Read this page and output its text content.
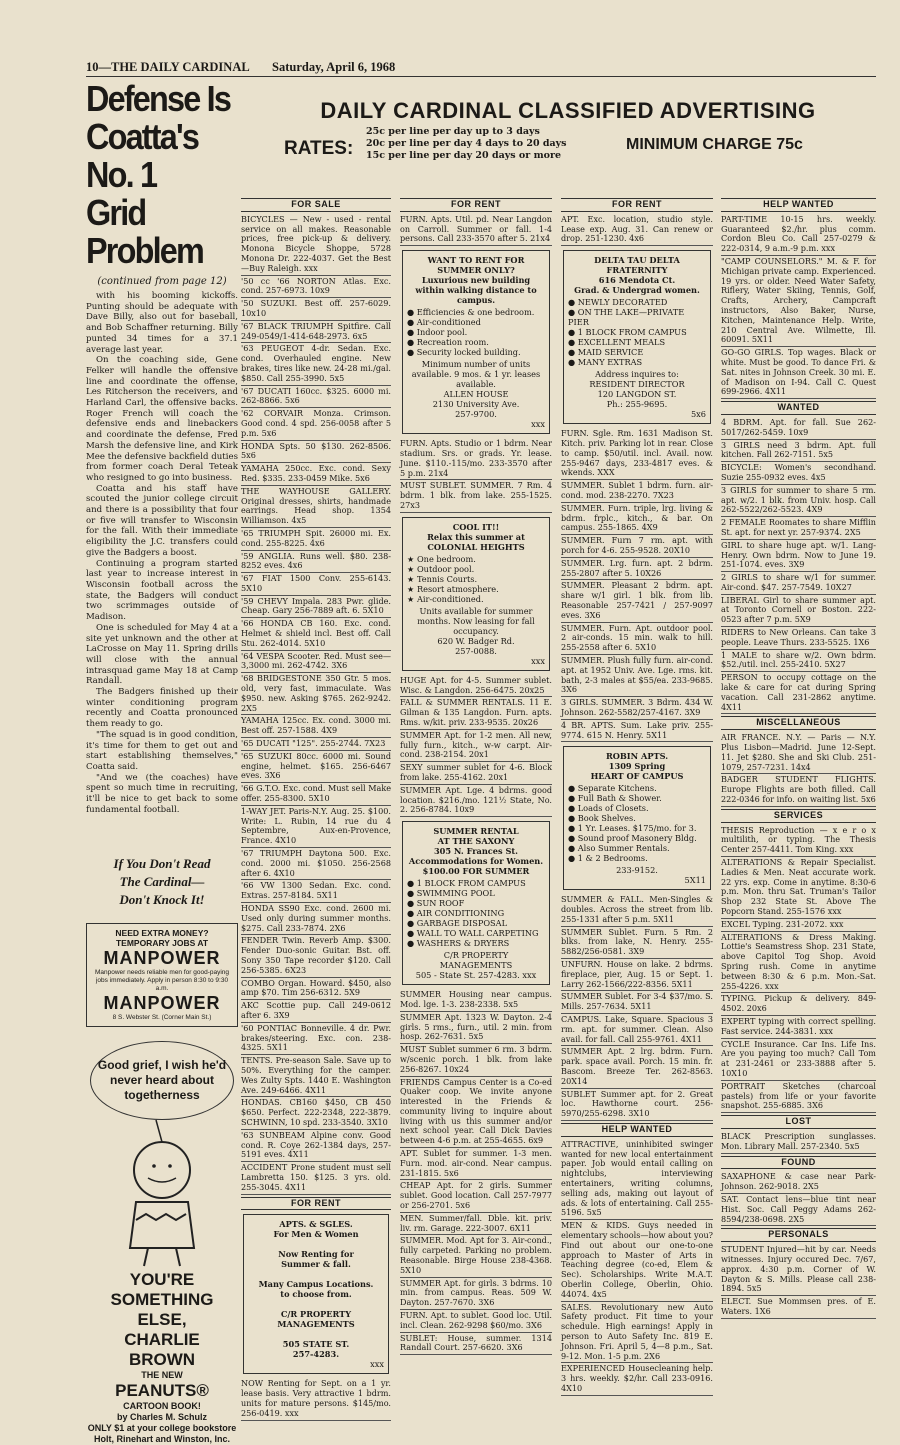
10—THE DAILY CARDINAL Saturday, April 6, 1968
Defense Is
Coatta's No. 1
Grid Problem
(continued from page 12)

with his booming kickoffs. Punting should be adequate with Dave Billy, also out for baseball, and Bob Schaffner returning. Billy punted 34 times for a 37.1 average last year.

On the coaching side, Gene Felker will handle the offensive line and coordinate the offense, Les Ritcherson the receivers, and Harland Carl, the offensive backs. Roger French will coach the defensive ends and linebackers and coordinate the defense, Fred Marsh the defensive line, and Kirk Mee the defensive backfield duties from former coach Deral Teteak who resigned to go into business.

Coatta and his staff have scouted the junior college circuit and there is a possibility that four or five will transfer to Wisconsin for the fall. With their immediate eligibility the J.C. transfers could give the Badgers a boost.

Continuing a program started last year to increase interest in Wisconsin football across the state, the Badgers will conduct two scrimmages outside of Madison.

One is scheduled for May 4 at a site yet unknown and the other at LaCrosse on May 11. Spring drills will close with the annual intrasquad game May 18 at Camp Randall.

The Badgers finished up their winter conditioning program recently and Coatta pronounced them ready to go.

"The squad is in good condition, it's time for them to get out and start establishing themselves," Coatta said.

"And we (the coaches) have spent so much time in recruiting, it'll be nice to get back to some fundamental football.

If You Don't Read
The Cardinal—
Don't Knock It!
NEED EXTRA MONEY?
TEMPORARY JOBS AT
MANPOWER
Manpower needs reliable men for good-paying jobs immediately. Apply in person 8:30 to 9:30 a.m.
MANPOWER
8 S. Webster St. (Corner Main St.)
Good grief, I wish he'd never heard about togetherness
YOU'RE
SOMETHING
ELSE,
CHARLIE
BROWN
THE NEW
PEANUTS®
CARTOON BOOK!
by Charles M. Schulz
ONLY $1 at your college bookstore
Holt, Rinehart and Winston, Inc.
DAILY CARDINAL CLASSIFIED ADVERTISING
RATES:
25c per line per day up to 3 days
20c per line per day 4 days to 20 days
15c per line per day 20 days or more
MINIMUM CHARGE 75c
FOR SALE
BICYCLES — New - used - rental service on all makes. Reasonable prices, free pick-up & delivery. Monona Bicycle Shoppe, 5728 Monona Dr. 222-4037. Get the Best—Buy Raleigh. xxx
'50 cc '66 NORTON Atlas. Exc. cond. 257-6973. 10x9
'50 SUZUKI. Best off. 257-6029. 10x10
'67 BLACK TRIUMPH Spitfire. Call 249-0549/1-414-648-2973. 6x5
'63 PEUGEOT 4-dr. Sedan. Exc. cond. Overhauled engine. New brakes, tires like new. 24-28 mi./gal. $850. Call 255-3990. 5x5
'67 DUCATI 160cc. $325. 6000 mi. 262-8866. 5x6
'62 CORVAIR Monza. Crimson. Good cond. 4 spd. 256-0058 after 5 p.m. 5x6
HONDA Spts. 50 $130. 262-8506. 5x6
YAMAHA 250cc. Exc. cond. Sexy Red. $335. 233-0459 Mike. 5x6
THE WAYHOUSE GALLERY. Original dresses, shirts, handmade earrings. Head shop. 1354 Williamson. 4x5
'65 TRIUMPH Spit. 26000 mi. Ex. cond. 255-8225. 4x6
'59 ANGLIA. Runs well. $80. 238-8252 eves. 4x6
'67 FIAT 1500 Conv. 255-6143. 5X10
'59 CHEVY Impala. 283 Pwr. glide. Cheap. Gary 256-7889 aft. 6. 5X10
'66 HONDA CB 160. Exc. cond. Helmet & shield incl. Best off. Call Stu. 262-4014. 5X10
'64 VESPA Scooter. Red. Must see—3,3000 mi. 262-4742. 3X6
'68 BRIDGESTONE 350 Gtr. 5 mos. old, very fast, immaculate. Was $950. new. Asking $765. 262-9242. 2X5
YAMAHA 125cc. Ex. cond. 3000 mi. Best off. 257-1588. 4X9
'65 DUCATI "125". 255-2744. 7X23
'65 SUZUKI 80cc. 6000 mi. Sound engine, helmet. $165. 256-6467 eves. 3X6
'66 G.T.O. Exc. cond. Must sell Make offer. 255-8300. 5X10
1-WAY JET. Paris-N.Y. Aug. 25. $100. Write: L. Rubin, 14 rue du 4 Septembre, Aux-en-Provence, France. 4X10
'67 TRIUMPH Daytona 500. Exc. cond. 2000 mi. $1050. 256-2568 after 6. 4X10
'66 VW 1300 Sedan. Exc. cond. Extras. 257-8184. 5X11
HONDA SS90 Exc. cond. 2600 mi. Used only during summer months. $275. Call 233-7874. 2X6
FENDER Twin. Reverb Amp. $300. Fender Duo-sonic Guitar. Bst. off. Sony 350 Tape recorder $120. Call 256-5385. 6X23
COMBO Organ. Howard. $450, also amp $70. Tim 256-6312. 5X9
AKC Scottie pup. Call 249-0612 after 6. 3X9
'60 PONTIAC Bonneville. 4 dr. Pwr. brakes/steering. Exc. con. 238-4325. 5X11
TENTS. Pre-season Sale. Save up to 50%. Everything for the camper. Wes Zulty Spts. 1440 E. Washington Ave. 249-6466. 4X11
HONDAS. CB160 $450, CB 450 $650. Perfect. 222-2348, 222-3879. SCHWINN, 10 spd. 233-3540. 3X10
'63 SUNBEAM Alpine conv. Good cond. R. Coye 262-1384 days, 257-5191 eves. 4X11
ACCIDENT Prone student must sell Lambretta 150. $125. 3 yrs. old. 255-3045. 4X11
FOR RENT
APTS. & SGLES.
For Men & Women

Now Renting for
Summer & fall.

Many Campus Locations.
to choose from.

C/R PROPERTY
MANAGEMENTS

505 STATE ST.
257-4283.
xxx
NOW Renting for Sept. on a 1 yr. lease basis. Very attractive 1 bdrm. units for mature persons. $145/mo. 256-0419. xxx
FOR RENT
FURN. Apts. Util. pd. Near Langdon on Carroll. Summer or fall. 1-4 persons. Call 233-3570 after 5. 21x4
WANT TO RENT FOR
SUMMER ONLY?
Luxurious new building within walking distance to campus.
● Efficiencies & one bedroom.
● Air-conditioned
● Indoor pool.
● Recreation room.
● Security locked building.
Minimum number of units available. 9 mos. & 1 yr. leases available.
ALLEN HOUSE
2130 University Ave.
257-9700.
xxx
FURN. Apts. Studio or 1 bdrm. Near stadium. Srs. or grads. Yr. lease. June. $110.-115/mo. 233-3570 after 5 p.m. 21x4
MUST SUBLET. SUMMER. 7 Rm. 4 bdrm. 1 blk. from lake. 255-1525. 27x3
COOL IT!!
Relax this summer at
COLONIAL HEIGHTS
★ One bedroom.
★ Outdoor pool.
★ Tennis Courts.
★ Resort atmosphere.
★ Air-conditioned.
Units available for summer months. Now leasing for fall occupancy.
620 W. Badger Rd.
257-0088.
xxx
HUGE Apt. for 4-5. Summer sublet. Wisc. & Langdon. 256-6475. 20x25
FALL & SUMMER RENTALS. 11 E. Gilman & 135 Langdon. Furn. apts. Rms. w/kit. priv. 233-9535. 20x26
SUMMER Apt. for 1-2 men. All new, fully furn., kitch., w-w carpt. Air-cond. 238-2154. 20x1
SEXY summer sublet for 4-6. Block from lake. 255-4162. 20x1
SUMMER Apt. Lge. 4 bdrms. good location. $216./mo. 121½ State, No. 2. 256-8784. 10x9
SUMMER RENTAL
AT THE SAXONY
305 N. Frances St.
Accommodations for Women.
$100.00 FOR SUMMER
● 1 BLOCK FROM CAMPUS
● SWIMMING POOL
● SUN ROOF
● AIR CONDITIONING
● GARBAGE DISPOSAL
● WALL TO WALL CARPETING
● WASHERS & DRYERS
C/R PROPERTY MANAGEMENTS
505 - State St. 257-4283. xxx
SUMMER Housing near campus. Mod. lge. 1-3. 238-2338. 5x5
SUMMER Apt. 1323 W. Dayton. 2-4 girls. 5 rms., furn., util. 2 min. from hosp. 262-7631. 5x5
MUST Sublet summer 6 rm. 3 bdrm. w/scenic porch. 1 blk. from lake 256-8267. 10x24
FRIENDS Campus Center is a Co-ed Quaker coop. We invite anyone interested in the Friends & community living to inquire about living with us this summer and/or next school year. Call Dick Davies between 4-6 p.m. at 255-4655. 6x9
APT. Sublet for summer. 1-3 men. Furn. mod. air-cond. Near campus. 231-1815. 5x6
CHEAP Apt. for 2 girls. Summer sublet. Good location. Call 257-7977 or 256-2701. 5x6
MEN. Summer/fall. Dble. kit. priv. liv. rm. Garage. 222-3007. 6X11
SUMMER. Mod. Apt for 3. Air-cond., fully carpeted. Parking no problem. Reasonable. Birge House 238-4368. 5X10
SUMMER Apt. for girls. 3 bdrms. 10 min. from campus. Reas. 509 W. Dayton. 257-7670. 3X6
FURN. Apt. to sublet. Good loc. Util. incl. Clean. 262-9298 $60/mo. 3X6
SUBLET: House, summer. 1314 Randall Court. 257-6620. 3X6
FOR RENT
APT. Exc. location, studio style. Lease exp. Aug. 31. Can renew or drop. 251-1230. 4x6
DELTA TAU DELTA
FRATERNITY
616 Mendota Ct.
Grad. & Undergrad women.
● NEWLY DECORATED
● ON THE LAKE—PRIVATE PIER
● 1 BLOCK FROM CAMPUS
● EXCELLENT MEALS
● MAID SERVICE
● MANY EXTRAS
Address inquires to:
RESIDENT DIRECTOR
120 LANGDON ST.
Ph.: 255-9695.
5x6
FURN. Sgle. Rm. 1631 Madison St. Kitch. priv. Parking lot in rear. Close to camp. $50/util. incl. Avail. now. 255-9467 days, 233-4817 eves. & wkends. XXX
SUMMER. Sublet 1 bdrm. furn. air-cond. mod. 238-2270. 7X23
SUMMER. Furn. triple, lrg. living & bdrm. frplc., kitch., & bar. On campus. 255-1865. 4X9
SUMMER. Furn 7 rm. apt. with porch for 4-6. 255-9528. 20X10
SUMMER. Lrg. furn. apt. 2 bdrm. 255-2807 after 5. 10X26
SUMMER. Pleasant 2 bdrm. apt. share w/1 girl. 1 blk. from lib. Reasonable 257-7421 / 257-9097 eves. 3X6
SUMMER. Furn. Apt. outdoor pool. 2 air-conds. 15 min. walk to hill. 255-2558 after 6. 5X10
SUMMER. Plush fully furn. air-cond. apt. at 1952 Univ. Ave. Lge. rms. kit. bath, 2-3 males at $55/ea. 233-9685. 3X6
3 GIRLS. SUMMER. 3 Bdrm. 434 W. Johnson. 262-5582/257-4167. 3X9
4 BR. APTS. Sum. Lake priv. 255-9774. 615 N. Henry. 5X11
ROBIN APTS.
1309 Spring
HEART OF CAMPUS
● Separate Kitchens.
● Full Bath & Shower.
● Loads of Closets.
● Book Shelves.
● 1 Yr. Leases. $175/mo. for 3.
● Sound proof Masonery Bldg.
● Also Summer Rentals.
● 1 & 2 Bedrooms.
233-9152.
5X11
SUMMER & FALL. Men-Singles & doubles. Across the street from lib. 255-1331 after 5 p.m. 5X11
SUMMER Sublet. Furn. 5 Rm. 2 blks. from lake, N. Henry. 255-5882/256-0581. 3X9
UNFURN. House on lake. 2 bdrms. fireplace, pier, Aug. 15 or Sept. 1. Larry 262-1566/222-8356. 5X11
SUMMER Sublet. For 3-4 $37/mo. S. Mills. 257-7634. 5X11
CAMPUS. Lake, Square. Spacious 3 rm. apt. for summer. Clean. Also avail. for fall. Call 255-9761. 4X11
SUMMER Apt. 2 lrg. bdrm. Furn. park. space avail. Porch. 15 min. fr. Bascom. Breeze Ter. 262-8563. 20X14
SUBLET Summer apt. for 2. Great loc. Hawthorne court. 256-5970/255-6298. 3X10
HELP WANTED
ATTRACTIVE, uninhibited swinger wanted for new local entertainment paper. Job would entail calling on nightclubs, interviewing entertainers, writing columns, selling ads, making out layout of ads. & lots of entertaining. Call 255-5196. 5x5
MEN & KIDS. Guys needed in elementary schools—how about you? Find out about our one-to-one approach to Master of Arts in Teaching degree (co-ed, Elem & Sec). Scholarships. Write M.A.T. Oberlin College, Oberlin, Ohio. 44074. 4x5
SALES. Revolutionary new Auto Safety product. Fit time to your schedule. High earnings! Apply in person to Auto Safety Inc. 819 E. Johnson. Fri. April 5, 4—8 p.m., Sat. 9-12. Mon. 1-5 p.m. 2X6
EXPERIENCED Housecleaning help. 3 hrs. weekly. $2/hr. Call 233-0916. 4X10
HELP WANTED
PART-TIME 10-15 hrs. weekly. Guaranteed $2./hr. plus comm. Cordon Bleu Co. Call 257-0279 & 222-0314, 9 a.m.-9 p.m. xxx
"CAMP COUNSELORS." M. & F. for Michigan private camp. Experienced. 19 yrs. or older. Need Water Safety, Riflery, Water Skiing, Tennis, Golf, Crafts, Archery, Campcraft instructors, Also Baker, Nurse, Kitchen, Maintenance Help. Write, 210 Central Ave. Wilmette, Ill. 60091. 5X11
GO-GO GIRLS. Top wages. Black or white. Must be good. To dance Fri. & Sat. nites in Johnson Creek. 30 mi. E. of Madison on I-94. Call C. Quest 699-2966. 4X11
WANTED
4 BDRM. Apt. for fall. Sue 262-5017/262-5459. 10x9
3 GIRLS need 3 bdrm. Apt. full kitchen. Fall 262-7151. 5x5
BICYCLE: Women's secondhand. Suzie 255-0932 eves. 4x5
3 GIRLS for summer to share 5 rm. apt. w/2. 1 blk. from Univ. hosp. Call 262-5522/262-5523. 4X9
2 FEMALE Roomates to share Mifflin St. apt. for next yr. 257-9374. 2X5
GIRL to share huge apt. w/1. Lang-Henry. Own bdrm. Now to June 19. 251-1074. eves. 3X9
2 GIRLS to share w/1 for summer. Air-cond. $47. 257-7549. 10X27
LIBERAL Girl to share summer apt. at Toronto Cornell or Boston. 222-0523 after 7 p.m. 5X9
RIDERS to New Orleans. Can take 3 people. Leave Thurs. 233-5525. 1X6
1 MALE to share w/2. Own bdrm. $52./util. incl. 255-2410. 5X27
PERSON to occupy cottage on the lake & care for cat during Spring vacation. Call 231-2862 anytime. 4X11
MISCELLANEOUS
AIR FRANCE. N.Y. — Paris — N.Y. Plus Lisbon—Madrid. June 12-Sept. 11. Jet $280. She and Ski Club. 251-1079, 257-7231. 14x4
BADGER STUDENT FLIGHTS. Europe Flights are both filled. Call 222-0346 for info. on waiting list. 5x6
SERVICES
THESIS Reproduction — x e r o x multilith, or typing. The Thesis Center 257-4411. Tom King. xxx
ALTERATIONS & Repair Specialist. Ladies & Men. Neat accurate work. 22 yrs. exp. Come in anytime. 8:30-6 p.m. Mon. thru Sat. Truman's Tailor Shop 232 State St. Above The Popcorn Stand. 255-1576 xxx
EXCEL Typing. 231-2072. xxx
ALTERATIONS & Dress Making. Lottie's Seamstress Shop. 231 State, above Capitol Tog Shop. Avoid Spring rush. Come in anytime between 8:30 & 6 p.m. Mon.-Sat. 255-4226. xxx
TYPING. Pickup & delivery. 849-4502. 20x6
EXPERT typing with correct spelling. Fast service. 244-3831. xxx
CYCLE Insurance. Car Ins. Life Ins. Are you paying too much? Call Tom at 231-2461 or 233-3888 after 5. 10X10
PORTRAIT Sketches (charcoal pastels) from life or your favorite snapshot. 255-6885. 3X6
LOST
BLACK Prescription sunglasses. Mon. Library Mall. 257-2340. 5x5
FOUND
SAXAPHONE & case near Park-Johnson. 262-9018. 2X5
SAT. Contact lens—blue tint near Hist. Soc. Call Peggy Adams 262-8594/238-0698. 2X5
PERSONALS
STUDENT Injured—hit by car. Needs witnesses. Injury occured Dec. 7/67, approx. 4:30 p.m. Corner of W. Dayton & S. Mills. Please call 238-1894. 5x5
ELECT. Sue Mommsen pres. of E. Waters. 1X6
